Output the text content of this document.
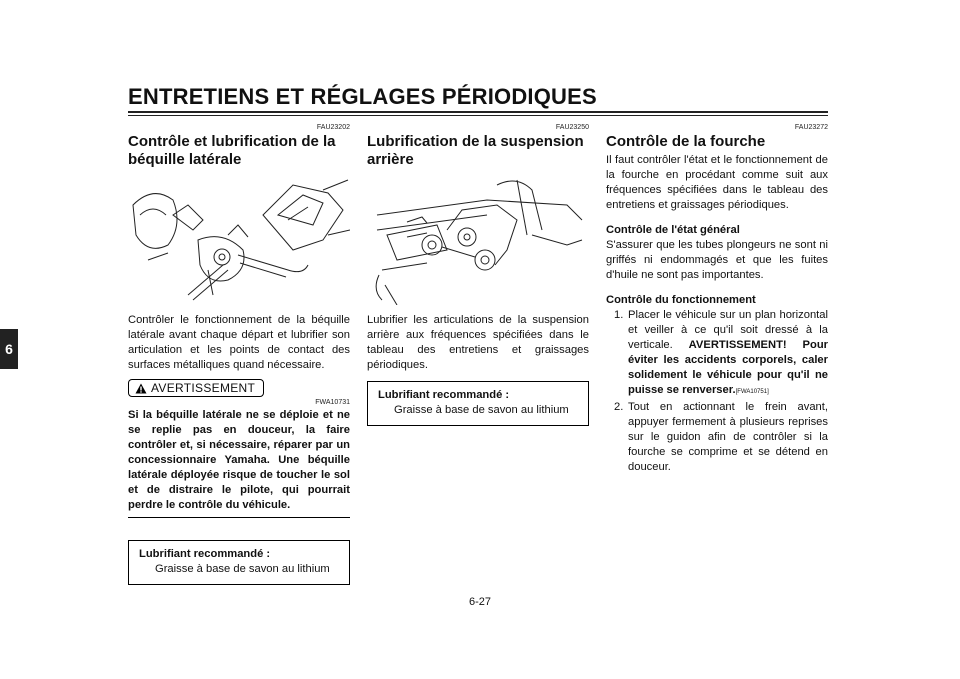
ENTRETIENS ET RÉGLAGES PÉRIODIQUES
6

FAU23202

Contrôle et lubrification de la béquille latérale

Contrôler le fonctionnement de la béquille latérale avant chaque départ et lubrifier son articulation et les points de contact des surfaces métalliques quand nécessaire.

AVERTISSEMENT

FWA10731

Si la béquille latérale ne se déploie et ne se replie pas en douceur, la faire contrôler et, si nécessaire, réparer par un concessionnaire Yamaha. Une béquille latérale déployée risque de toucher le sol et de distraire le pilote, qui pourrait perdre le contrôle du véhicule.

Lubrifiant recommandé :
Graisse à base de savon au lithium

FAU23250

Lubrification de la suspension arrière

Lubrifier les articulations de la suspension arrière aux fréquences spécifiées dans le tableau des entretiens et graissages périodiques.

Lubrifiant recommandé :
Graisse à base de savon au lithium

FAU23272

Contrôle de la fourche

Il faut contrôler l'état et le fonctionnement de la fourche en procédant comme suit aux fréquences spécifiées dans le tableau des entretiens et graissages périodiques.

Contrôle de l'état général

S'assurer que les tubes plongeurs ne sont ni griffés ni endommagés et que les fuites d'huile ne sont pas importantes.

Contrôle du fonctionnement

1. Placer le véhicule sur un plan horizontal et veiller à ce qu'il soit dressé à la verticale. AVERTISSEMENT! Pour éviter les accidents corporels, caler solidement le véhicule pour qu'il ne puisse se renverser.[FWA10751]
2. Tout en actionnant le frein avant, appuyer fermement à plusieurs reprises sur le guidon afin de contrôler si la fourche se comprime et se détend en douceur.
6-27
